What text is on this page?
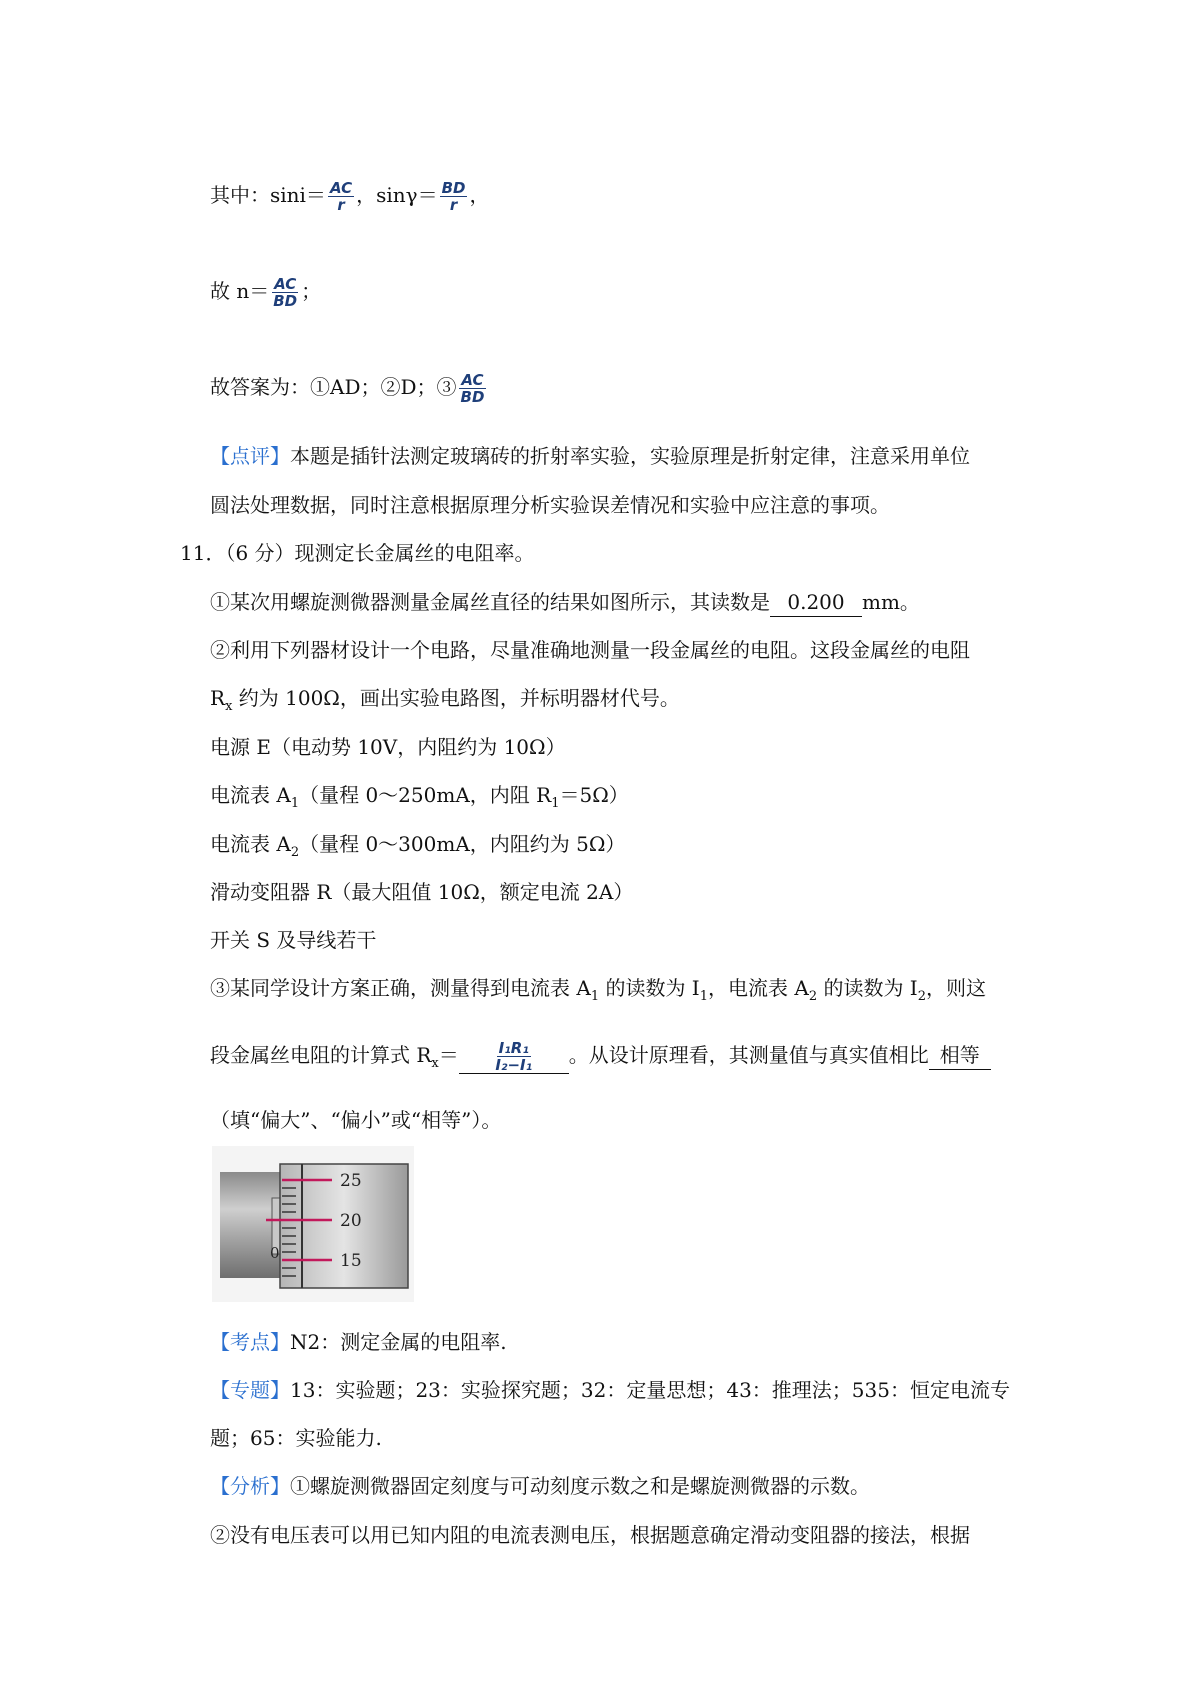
其中：$\sin i= \frac{AC}{r}$ ，$\sin\gamma= \frac{BD}{r}$ ，
故 $n= \frac{AC}{BD}$ ；
故答案为：①AD；②D；③ $\frac{AC}{BD}$
【点评】本题是插针法测定玻璃砖的折射率实验，实验原理是折射定律，注意采用单位
圆法处理数据，同时注意根据原理分析实验误差情况和实验中应注意的事项。
11．（6 分）现测定长金属丝的电阻率。
①某次用螺旋测微器测量金属丝直径的结果如图所示，其读数是 0.200 mm。
②利用下列器材设计一个电路，尽量准确地测量一段金属丝的电阻。这段金属丝的电阻
$R_x$ 约为 100Ω，画出实验电路图，并标明器材代号。
电源 E（电动势 10V，内阻约为 10Ω）
电流表 $A_1$（量程 0～250mA，内阻 $R_1=5\Omega$）
电流表 $A_2$（量程 0～300mA，内阻约为 5Ω）
滑动变阻器 R（最大阻值 10Ω，额定电流 2A）
开关 S 及导线若干
③某同学设计方案正确，测量得到电流表 $A_1$ 的读数为 $I_1$，电流表 $A_2$ 的读数为 $I_2$，则这
段金属丝电阻的计算式 $R_x= \frac{\text{I₁R₁}}{\text{I₂−I₁}}$ 。从设计原理看，其测量值与真实值相比 相等
（填“偏大”、“偏小”或“相等”）。
25
20
15
0
【考点】N2：测定金属的电阻率.
【专题】13：实验题；23：实验探究题；32：定量思想；43：推理法；535：恒定电流专
题；65：实验能力.
【分析】①螺旋测微器固定刻度与可动刻度示数之和是螺旋测微器的示数。
②没有电压表可以用已知内阻的电流表测电压，根据题意确定滑动变阻器的接法，根据
